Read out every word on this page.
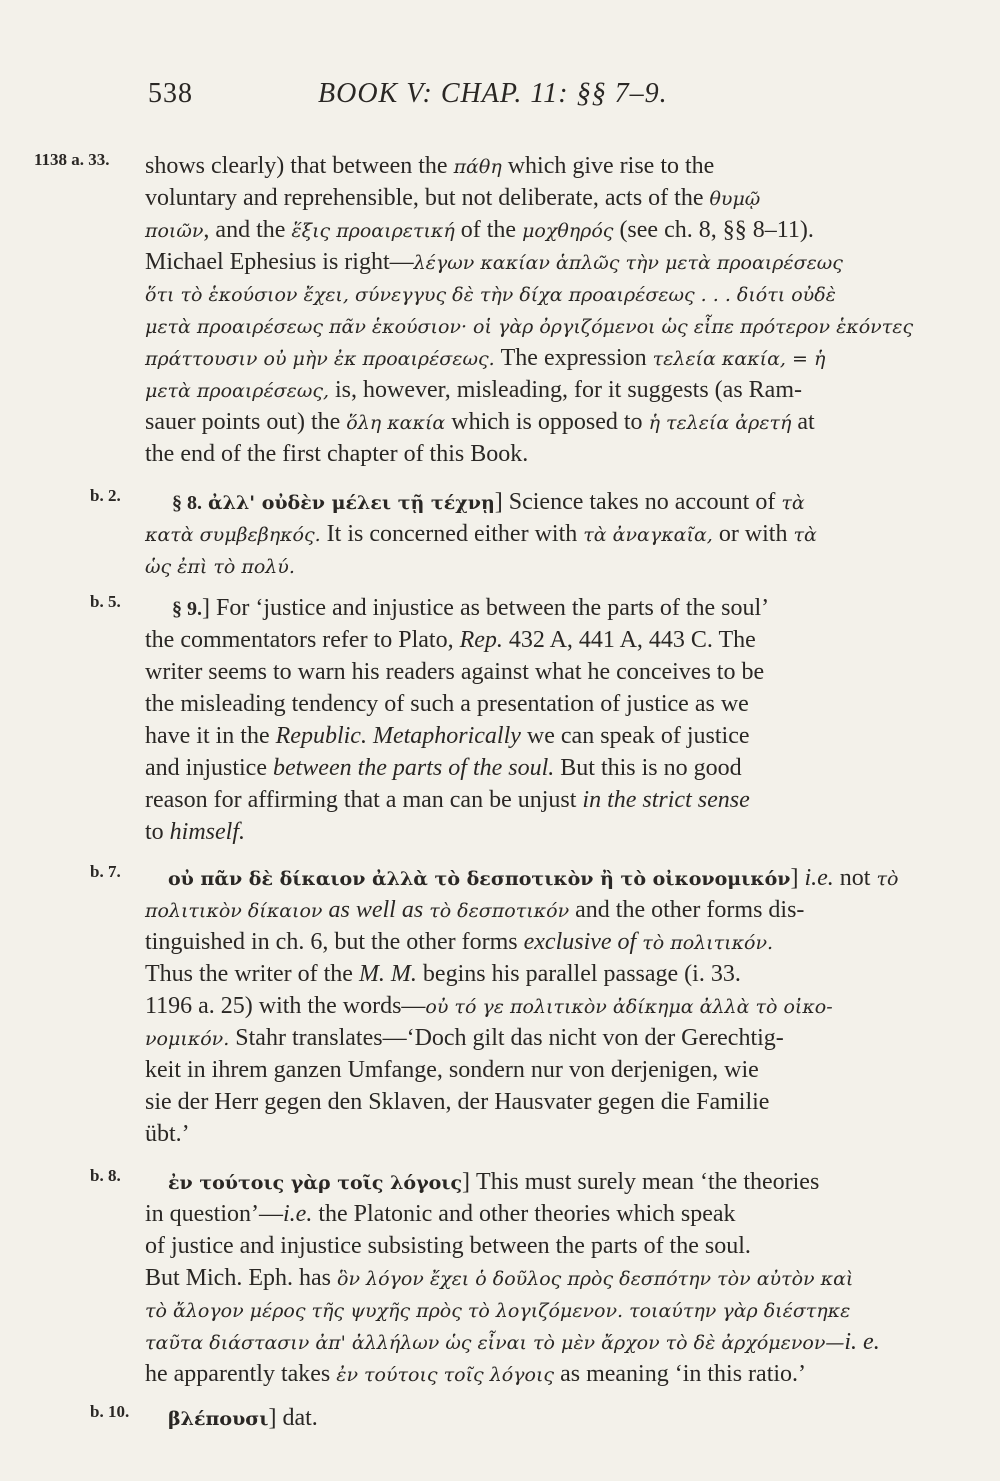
538	BOOK V: CHAP. 11: §§ 7–9.
1138 a. 33. shows clearly) that between the πάθη which give rise to the
voluntary and reprehensible, but not deliberate, acts of the θυμῷ
ποιῶν, and the ἕξις προαιρετική of the μοχθηρός (see ch. 8, §§ 8–11).
Michael Ephesius is right—λέγων κακίαν ἁπλῶς τὴν μετὰ προαιρέσεως
ὅτι τὸ ἑκούσιον ἔχει, σύνεγγυς δὲ τὴν δίχα προαιρέσεως . . . διότι οὐδὲ
μετὰ προαιρέσεως πᾶν ἑκούσιον· οἱ γὰρ ὀργιζόμενοι ὡς εἶπε πρότερον ἑκόντες
πράττουσιν οὐ μὴν ἐκ προαιρέσεως. The expression τελεία κακία, = ἡ
μετὰ προαιρέσεως, is, however, misleading, for it suggests (as Ram-
sauer points out) the ὅλη κακία which is opposed to ἡ τελεία ἀρετή at
the end of the first chapter of this Book.
b. 2.	§ 8. ἀλλ' οὐδὲν μέλει τῇ τέχνῃ] Science takes no account of τὰ
κατὰ συμβεβηκός. It is concerned either with τὰ ἀναγκαῖα, or with τὰ
ὡς ἐπὶ τὸ πολύ.
b. 5.	§ 9.] For ‘justice and injustice as between the parts of the soul’
the commentators refer to Plato, Rep. 432 A, 441 A, 443 C. The
writer seems to warn his readers against what he conceives to be
the misleading tendency of such a presentation of justice as we
have it in the Republic. Metaphorically we can speak of justice
and injustice between the parts of the soul. But this is no good
reason for affirming that a man can be unjust in the strict sense
to himself.
b. 7. οὐ πᾶν δὲ δίκαιον ἀλλὰ τὸ δεσποτικὸν ἢ τὸ οἰκονομικόν] i.e. not τὸ
πολιτικὸν δίκαιον as well as τὸ δεσποτικόν and the other forms dis-
tinguished in ch. 6, but the other forms exclusive of τὸ πολιτικόν.
Thus the writer of the M. M. begins his parallel passage (i. 33.
1196 a. 25) with the words—οὐ τό γε πολιτικὸν ἀδίκημα ἀλλὰ τὸ οἰκο-
νομικόν. Stahr translates—‘Doch gilt das nicht von der Gerechtig-
keit in ihrem ganzen Umfange, sondern nur von derjenigen, wie
sie der Herr gegen den Sklaven, der Hausvater gegen die Familie
übt.’
b. 8. ἐν τούτοις γὰρ τοῖς λόγοις] This must surely mean ‘the theories
in question’—i.e. the Platonic and other theories which speak
of justice and injustice subsisting between the parts of the soul.
But Mich. Eph. has ὃν λόγον ἔχει ὁ δοῦλος πρὸς δεσπότην τὸν αὐτὸν καὶ
τὸ ἄλογον μέρος τῆς ψυχῆς πρὸς τὸ λογιζόμενον. τοιαύτην γὰρ διέστηκε
ταῦτα διάστασιν ἀπ' ἀλλήλων ὡς εἶναι τὸ μὲν ἄρχον τὸ δὲ ἀρχόμενον—i. e.
he apparently takes ἐν τούτοις τοῖς λόγοις as meaning ‘in this ratio.’
b. 10. βλέπουσι] dat.
